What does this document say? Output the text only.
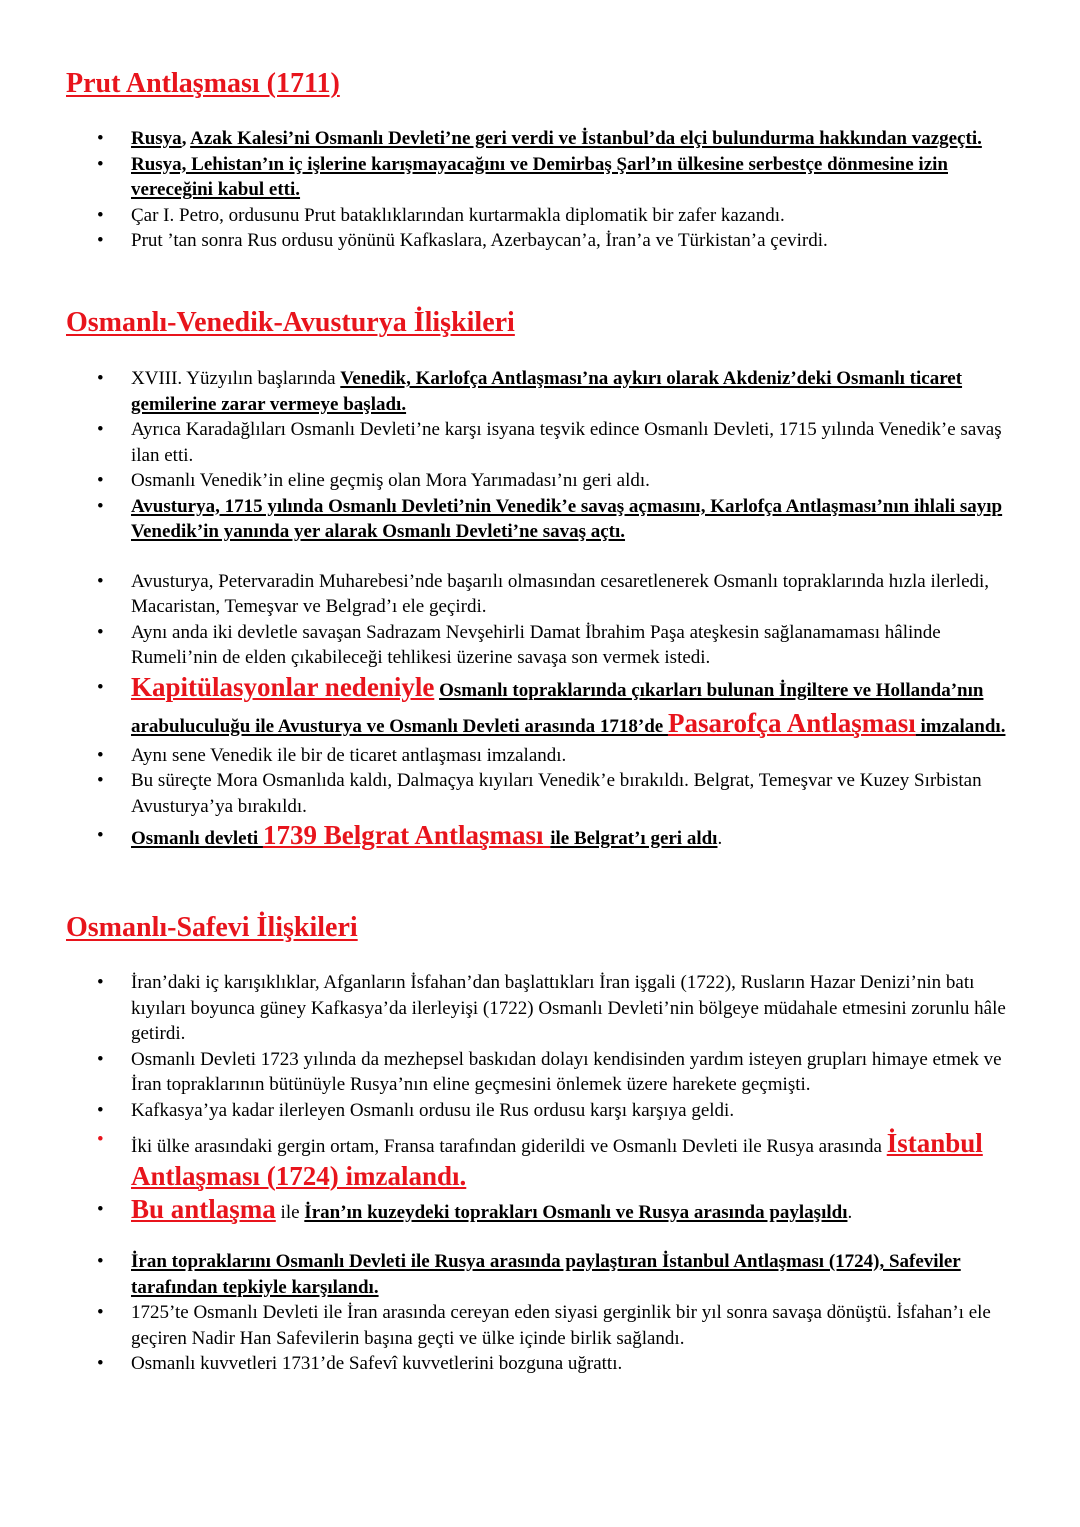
Prut Antlaşması (1711)
• Rusya, Azak Kalesi’ni Osmanlı Devleti’ne geri verdi ve İstanbul’da elçi bulundurma hakkından vazgeçti.
• Rusya, Lehistan’ın iç işlerine karışmayacağını ve Demirbaş Şarl’ın ülkesine serbestçe dönmesine izin vereceğini kabul etti.
• Çar I. Petro, ordusunu Prut bataklıklarından kurtarmakla diplomatik bir zafer kazandı.
• Prut ’tan sonra Rus ordusu yönünü Kafkaslara, Azerbaycan’a, İran’a ve Türkistan’a çevirdi.
Osmanlı-Venedik-Avusturya İlişkileri
• XVIII. Yüzyılın başlarında Venedik, Karlofça Antlaşması’na aykırı olarak Akdeniz’deki Osmanlı ticaret gemilerine zarar vermeye başladı.
• Ayrıca Karadağlıları Osmanlı Devleti’ne karşı isyana teşvik edince Osmanlı Devleti, 1715 yılında Venedik’e savaş ilan etti.
• Osmanlı Venedik’in eline geçmiş olan Mora Yarımadası’nı geri aldı.
• Avusturya, 1715 yılında Osmanlı Devleti’nin Venedik’e savaş açmasını, Karlofça Antlaşması’nın ihlali sayıp Venedik’in yanında yer alarak Osmanlı Devleti’ne savaş açtı.
• Avusturya, Petervaradin Muharebesi’nde başarılı olmasından cesaretlenerek Osmanlı topraklarında hızla ilerledi, Macaristan, Temeşvar ve Belgrad’ı ele geçirdi.
• Aynı anda iki devletle savaşan Sadrazam Nevşehirli Damat İbrahim Paşa ateşkesin sağlanamaması hâlinde Rumeli’nin de elden çıkabileceği tehlikesi üzerine savaşa son vermek istedi.
• Kapitülasyonlar nedeniyle Osmanlı topraklarında çıkarları bulunan İngiltere ve Hollanda’nın arabuluculuğu ile Avusturya ve Osmanlı Devleti arasında 1718’de Pasarofça Antlaşması imzalandı.
• Aynı sene Venedik ile bir de ticaret antlaşması imzalandı.
• Bu süreçte Mora Osmanlıda kaldı, Dalmaçya kıyıları Venedik’e bırakıldı. Belgrat, Temeşvar ve Kuzey Sırbistan Avusturya’ya bırakıldı.
• Osmanlı devleti 1739 Belgrat Antlaşması ile Belgrat’ı geri aldı.
Osmanlı-Safevi İlişkileri
• İran’daki iç karışıklıklar, Afganların İsfahan’dan başlattıkları İran işgali (1722), Rusların Hazar Denizi’nin batı kıyıları boyunca güney Kafkasya’da ilerleyişi (1722) Osmanlı Devleti’nin bölgeye müdahale etmesini zorunlu hâle getirdi.
• Osmanlı Devleti 1723 yılında da mezhepsel baskıdan dolayı kendisinden yardım isteyen grupları himaye etmek ve İran topraklarının bütünüyle Rusya’nın eline geçmesini önlemek üzere harekete geçmişti.
• Kafkasya’ya kadar ilerleyen Osmanlı ordusu ile Rus ordusu karşı karşıya geldi.
• İki ülke arasındaki gergin ortam, Fransa tarafından giderildi ve Osmanlı Devleti ile Rusya arasında İstanbul Antlaşması (1724) imzalandı.
• Bu antlaşma ile İran’ın kuzeydeki toprakları Osmanlı ve Rusya arasında paylaşıldı.
• İran topraklarını Osmanlı Devleti ile Rusya arasında paylaştıran İstanbul Antlaşması (1724), Safeviler tarafından tepkiyle karşılandı.
• 1725’te Osmanlı Devleti ile İran arasında cereyan eden siyasi gerginlik bir yıl sonra savaşa dönüştü. İsfahan’ı ele geçiren Nadir Han Safevilerin başına geçti ve ülke içinde birlik sağlandı.
• Osmanlı kuvvetleri 1731’de Safevî kuvvetlerini bozguna uğrattı.
